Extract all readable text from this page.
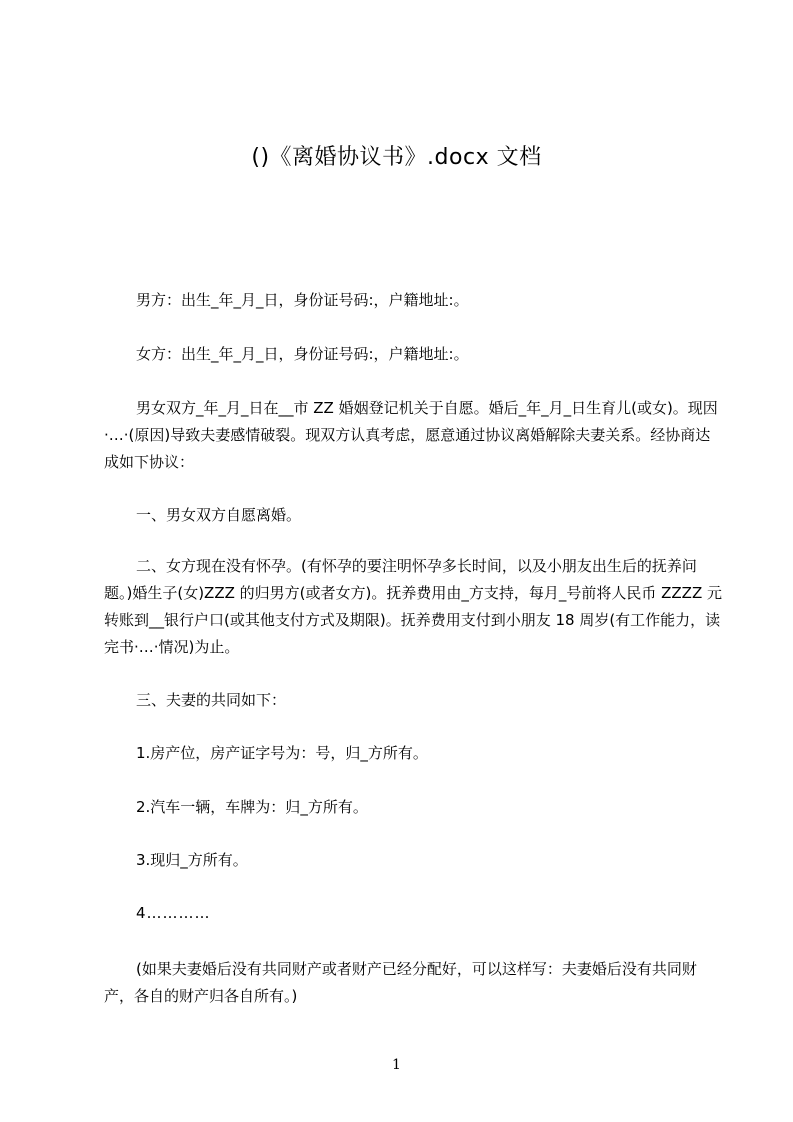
()《离婚协议书》.docx 文档
男方：出生_年_月_日，身份证号码:，户籍地址:。
女方：出生_年_月_日，身份证号码:，户籍地址:。
男女双方_年_月_日在__市 ZZ 婚姻登记机关于自愿。婚后_年_月_日生育儿(或女)。现因·…·(原因)导致夫妻感情破裂。现双方认真考虑，愿意通过协议离婚解除夫妻关系。经协商达成如下协议：
一、男女双方自愿离婚。
二、女方现在没有怀孕。(有怀孕的要注明怀孕多长时间，以及小朋友出生后的抚养问题。)婚生子(女)ZZZ 的归男方(或者女方)。抚养费用由_方支持，每月_号前将人民币 ZZZZ 元转账到__银行户口(或其他支付方式及期限)。抚养费用支付到小朋友 18 周岁(有工作能力，读完书·…·情况)为止。
三、夫妻的共同如下：
1.房产位，房产证字号为：号，归_方所有。
2.汽车一辆，车牌为：归_方所有。
3.现归_方所有。
4…………
(如果夫妻婚后没有共同财产或者财产已经分配好，可以这样写：夫妻婚后没有共同财产，各自的财产归各自所有。)
1
